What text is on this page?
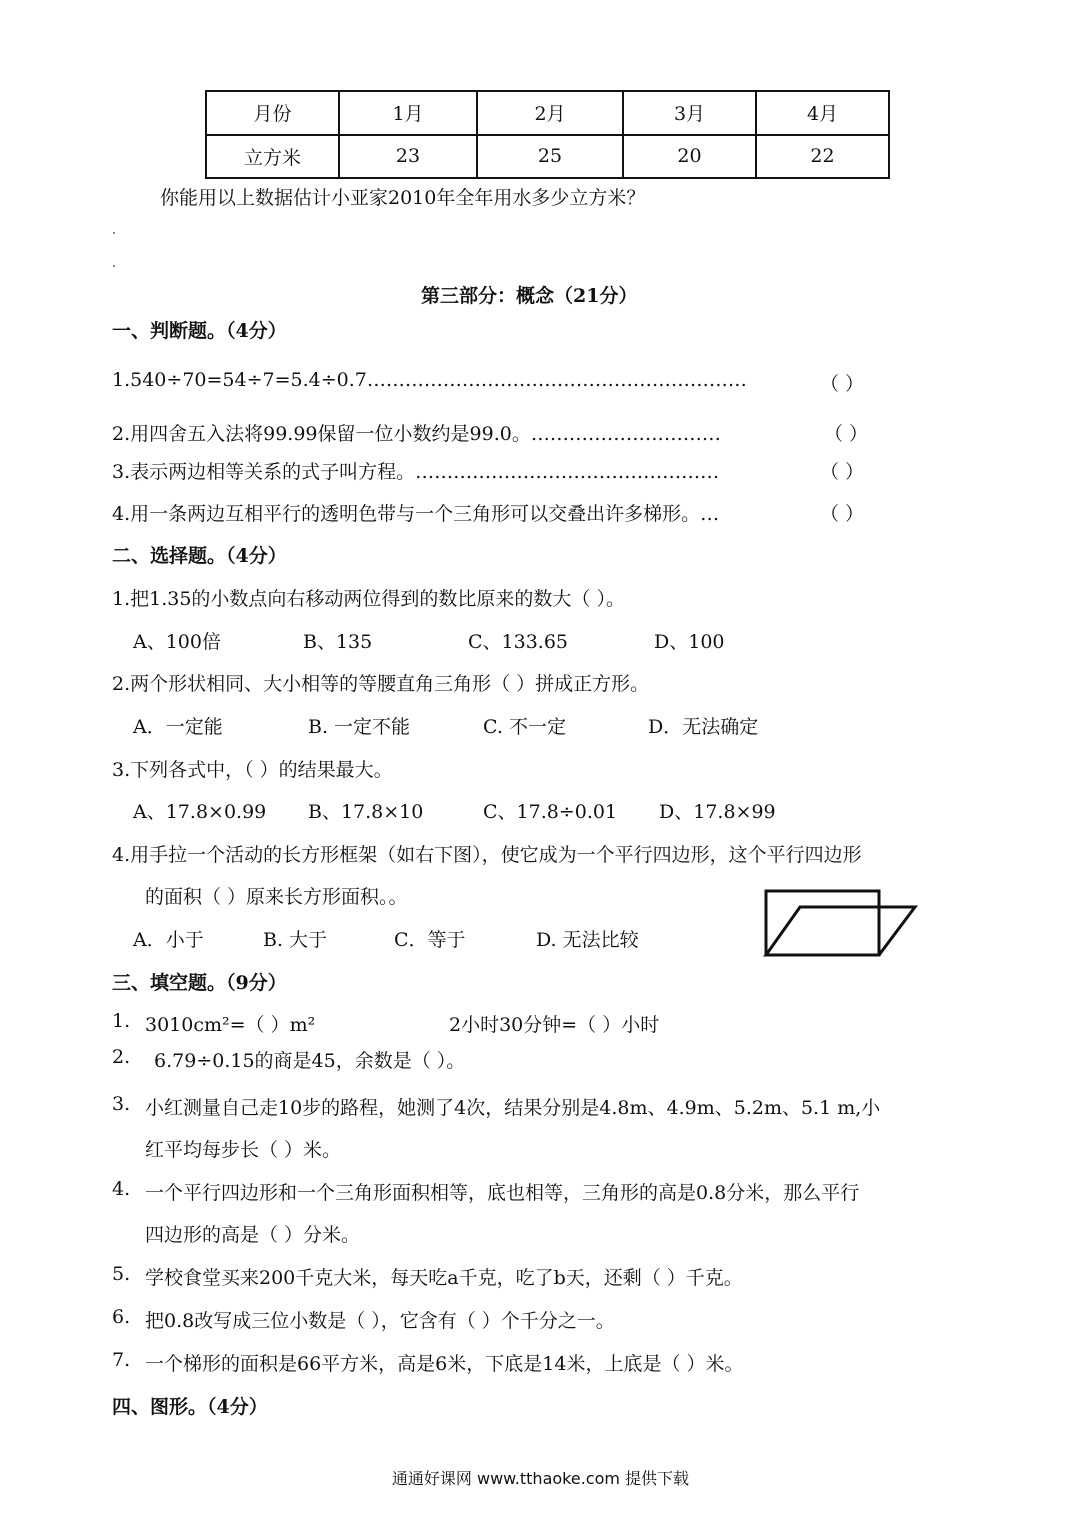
月份	1月	2月	3月	4月
立方米	23	25	20	22
你能用以上数据估计小亚家2010年全年用水多少立方米？
第三部分：概念（21分）
一、判断题。（4分）
1.540÷70=54÷7=5.4÷0.7……………………………………………………	（ ）
2.用四舍五入法将99.99保留一位小数约是99.0。…………………………	（ ）
3.表示两边相等关系的式子叫方程。…………………………………………	（ ）
4.用一条两边互相平行的透明色带与一个三角形可以交叠出许多梯形。…	（ ）
二、选择题。（4分）
1.把1.35的小数点向右移动两位得到的数比原来的数大（ ）。
A、100倍	B、135	C、133.65	D、100
2.两个形状相同、大小相等的等腰直角三角形（ ）拼成正方形。
A．一定能	B. 一定不能	C. 不一定	D．无法确定
3.下列各式中，（ ）的结果最大。
A、17.8×0.99 B、17.8×10	C、17.8÷0.01 D、17.8×99
4.用手拉一个活动的长方形框架（如右下图），使它成为一个平行四边形，这个平行四边形
的面积（ ）原来长方形面积。。
A．小于	B. 大于	C．等于	D. 无法比较
三、填空题。（9分）
1. 3010cm²=（ ）m²	2小时30分钟=（ ）小时
2. 6.79÷0.15的商是45，余数是（ ）。
3. 小红测量自己走10步的路程，她测了4次，结果分别是4.8m、4.9m、5.2m、5.1 m,小
红平均每步长（ ）米。
4. 一个平行四边形和一个三角形面积相等，底也相等，三角形的高是0.8分米，那么平行
四边形的高是（ ）分米。
5. 学校食堂买来200千克大米，每天吃a千克，吃了b天，还剩（ ）千克。
6. 把0.8改写成三位小数是（ ），它含有（ ）个千分之一。
7. 一个梯形的面积是66平方米，高是6米，下底是14米，上底是（ ）米。
四、图形。（4分）
通通好课网 www.tthaoke.com 提供下载
